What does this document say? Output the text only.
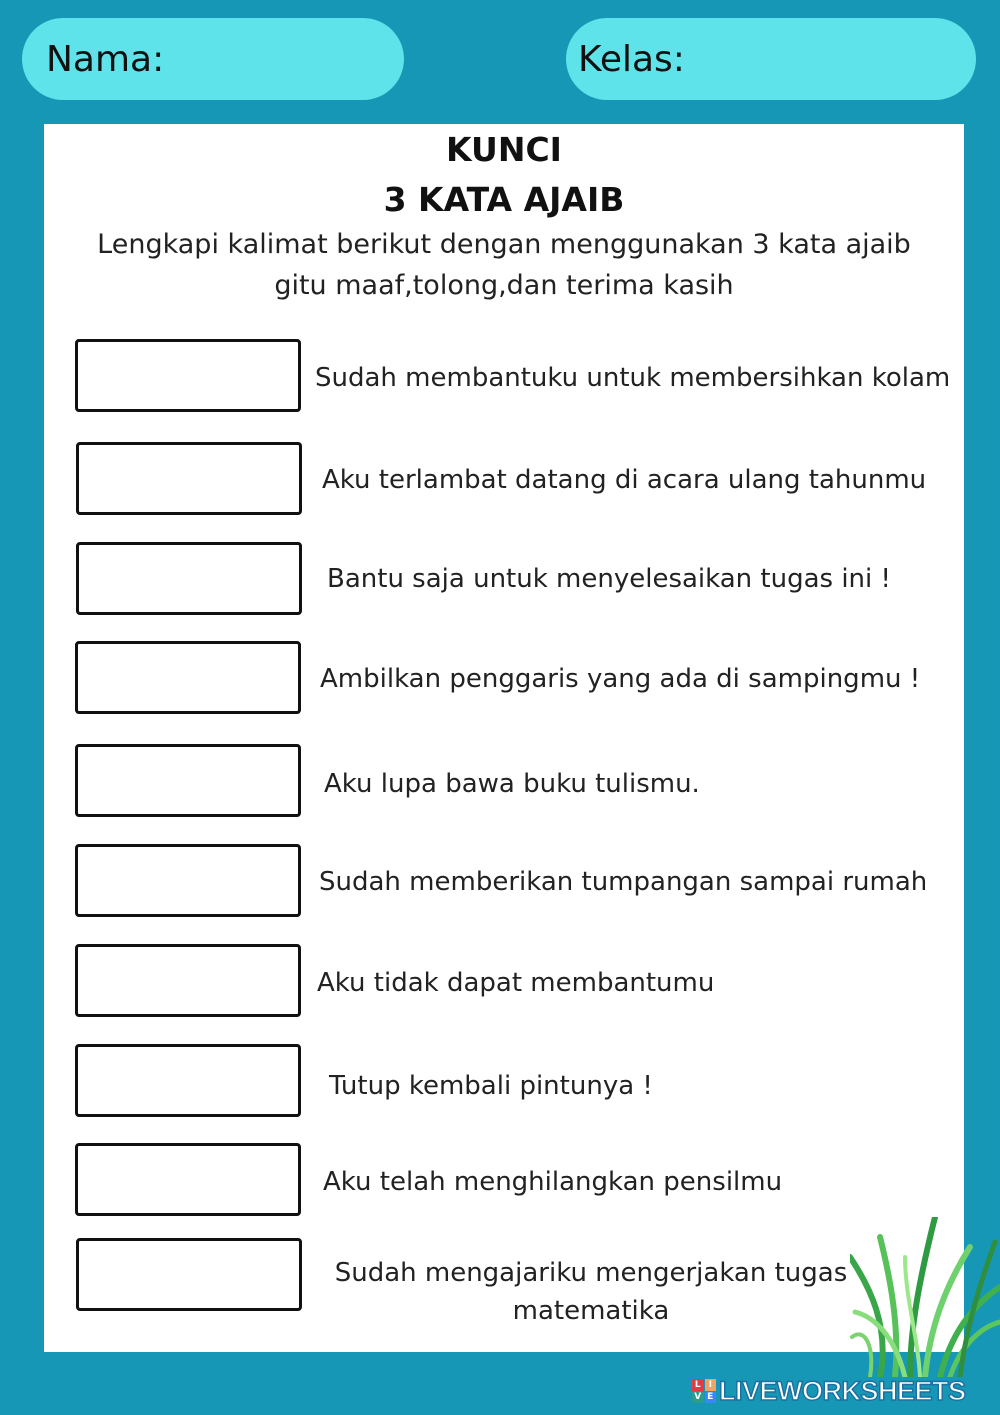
Nama:	Kelas:
KUNCI
3 KATA AJAIB

Lengkapi kalimat berikut dengan menggunakan 3 kata ajaib
gitu maaf,tolong,dan terima kasih

Sudah membantuku untuk membersihkan kolam
Aku terlambat datang di acara ulang tahunmu
Bantu saja untuk menyelesaikan tugas ini !
Ambilkan penggaris yang ada di sampingmu !
Aku lupa bawa buku tulismu.
Sudah memberikan tumpangan sampai rumah
Aku tidak dapat membantumu
Tutup kembali pintunya !
Aku telah menghilangkan pensilmu
Sudah mengajariku mengerjakan tugas matematika
L I
V E LIVEWORKSHEETS
